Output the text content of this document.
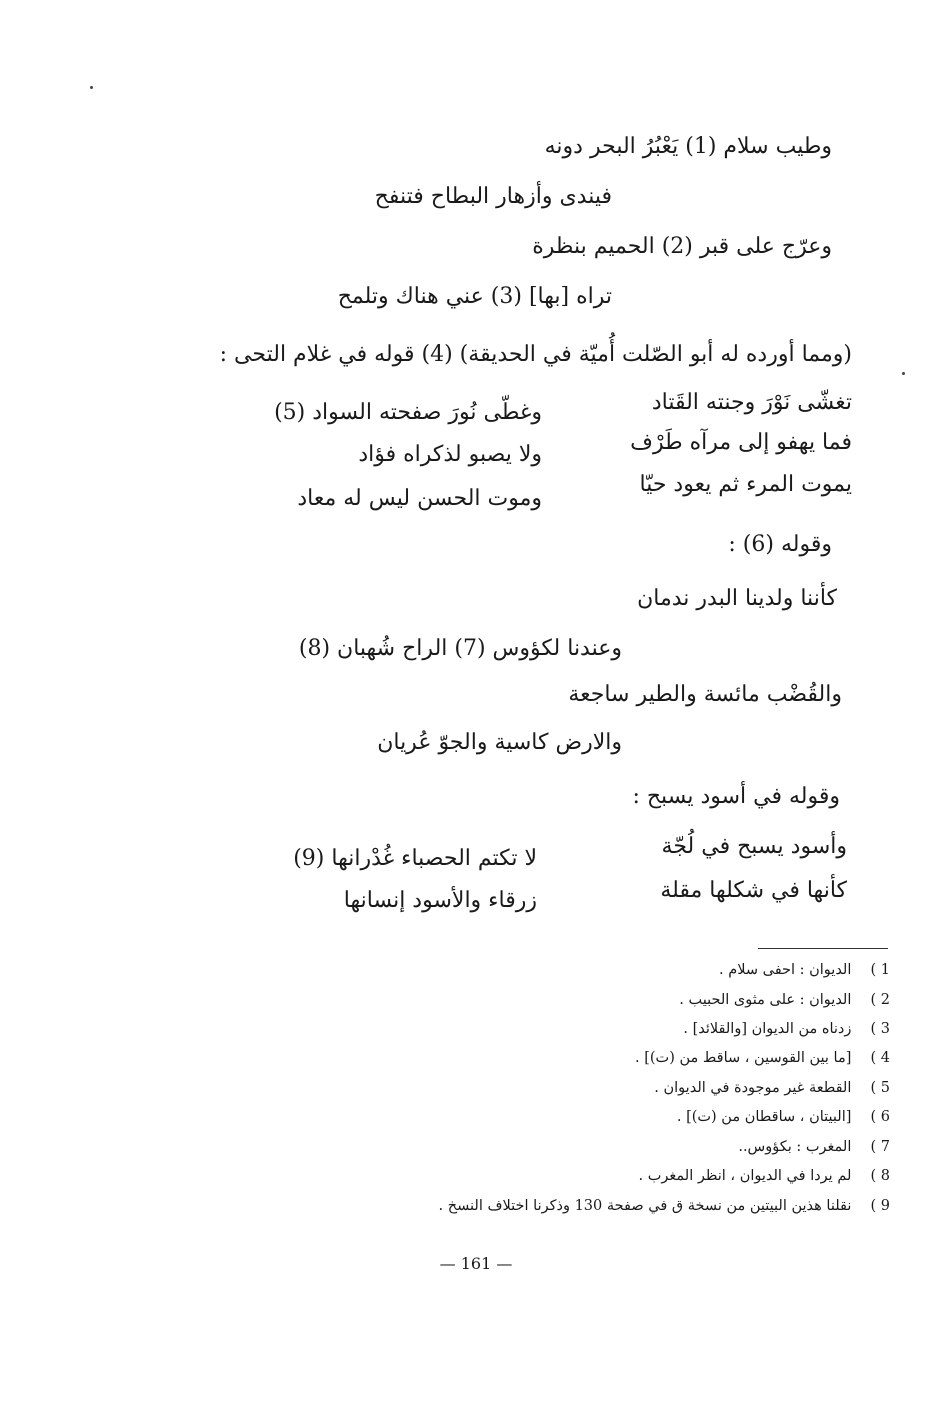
وطيب سلام (1) يَعْبُرُ البحر دونه
فيندى وأزهار البطاح فتنفح
وعرّج على قبر (2) الحميم بنظرة
تراه [بها] (3) عني هناك وتلمح
(ومما أورده له أبو الصّلت أُميّة في الحديقة) (4) قوله في غلام التحى :
تغشّى نَوْرَ وجنته القَتاد
وغطّى نُورَ صفحته السواد (5)
فما يهفو إلى مرآه طَرْف
ولا يصبو لذكراه فؤاد
يموت المرء ثم يعود حيّا
وموت الحسن ليس له معاد
وقوله (6) :
كأننا ولدينا البدر ندمان
وعندنا لكؤوس (7) الراح شُهبان (8)
والقُضْب مائسة والطير ساجعة
والارض كاسية والجوّ عُريان
وقوله في أسود يسبح :
وأسود يسبح في لُجّة
لا تكتم الحصباء غُدْرانها (9)
كأنها في شكلها مقلة
زرقاء والأسود إنسانها
1 ) الديوان : احفى سلام .
2 ) الديوان : على مثوى الحبيب .
3 ) زدناه من الديوان [والقلائد] .
4 ) [ما بين القوسين ، ساقط من (ت)] .
5 ) القطعة غير موجودة في الديوان .
6 ) [البيتان ، ساقطان من (ت)] .
7 ) المغرب : بكؤوس..
8 ) لم يردا في الديوان ، انظر المغرب .
9 ) نقلنا هذين البيتين من نسخة ق في صفحة 130 وذكرنا اختلاف النسخ .
— 161 —
